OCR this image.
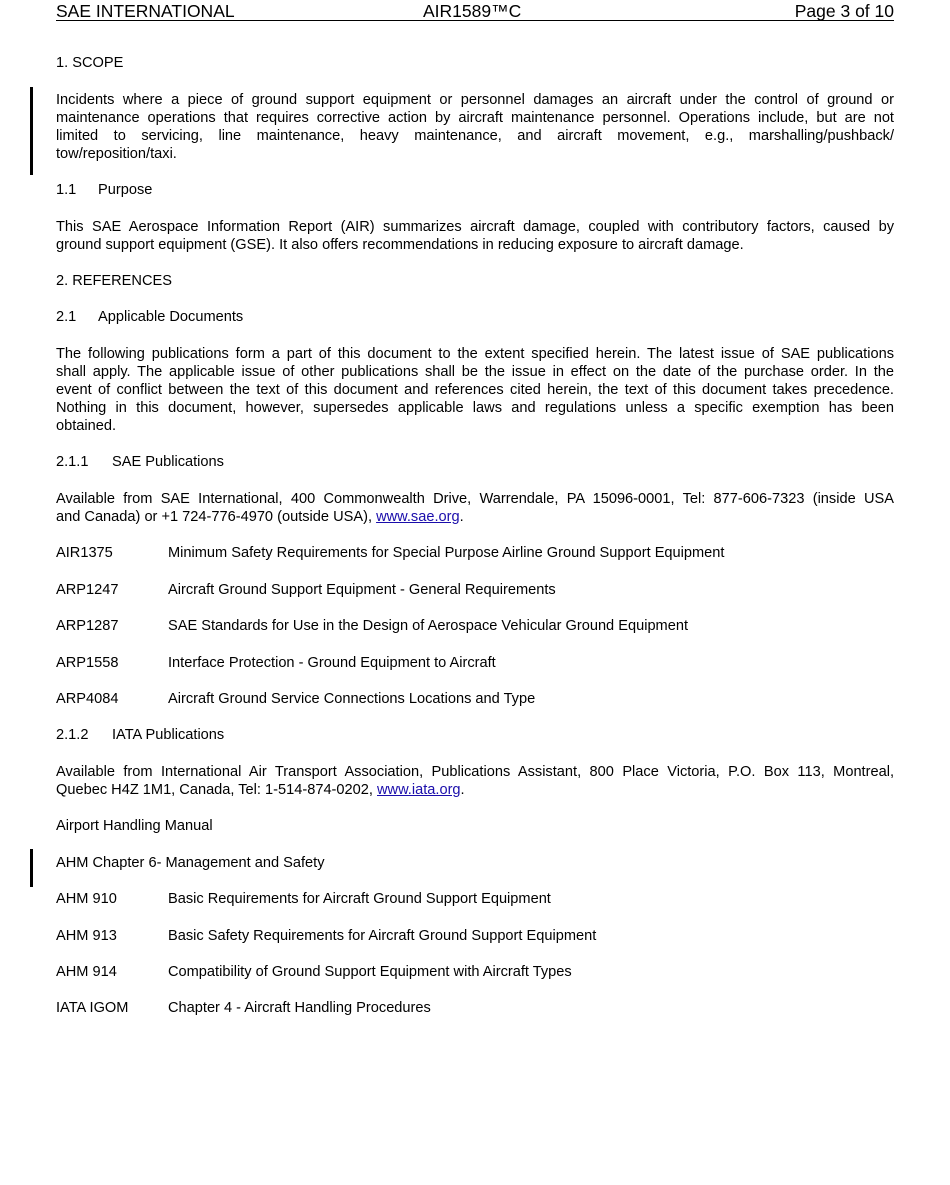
SAE INTERNATIONAL	AIR1589™C	Page 3 of 10
1. SCOPE
Incidents where a piece of ground support equipment or personnel damages an aircraft under the control of ground or
maintenance operations that requires corrective action by aircraft maintenance personnel. Operations include, but are not
limited to servicing, line maintenance, heavy maintenance, and aircraft movement, e.g., marshalling/pushback/
tow/reposition/taxi.
1.1 Purpose
This SAE Aerospace Information Report (AIR) summarizes aircraft damage, coupled with contributory factors, caused by
ground support equipment (GSE). It also offers recommendations in reducing exposure to aircraft damage.
2. REFERENCES
2.1 Applicable Documents
The following publications form a part of this document to the extent specified herein. The latest issue of SAE publications
shall apply. The applicable issue of other publications shall be the issue in effect on the date of the purchase order. In the
event of conflict between the text of this document and references cited herein, the text of this document takes precedence.
Nothing in this document, however, supersedes applicable laws and regulations unless a specific exemption has been
obtained.
2.1.1 SAE Publications
Available from SAE International, 400 Commonwealth Drive, Warrendale, PA 15096-0001, Tel: 877-606-7323 (inside USA
and Canada) or +1 724-776-4970 (outside USA), www.sae.org.
AIR1375	Minimum Safety Requirements for Special Purpose Airline Ground Support Equipment
ARP1247	Aircraft Ground Support Equipment - General Requirements
ARP1287	SAE Standards for Use in the Design of Aerospace Vehicular Ground Equipment
ARP1558	Interface Protection - Ground Equipment to Aircraft
ARP4084	Aircraft Ground Service Connections Locations and Type
2.1.2 IATA Publications
Available from International Air Transport Association, Publications Assistant, 800 Place Victoria, P.O. Box 113, Montreal,
Quebec H4Z 1M1, Canada, Tel: 1-514-874-0202, www.iata.org.
Airport Handling Manual
AHM Chapter 6- Management and Safety
AHM 910	Basic Requirements for Aircraft Ground Support Equipment
AHM 913	Basic Safety Requirements for Aircraft Ground Support Equipment
AHM 914	Compatibility of Ground Support Equipment with Aircraft Types
IATA IGOM	Chapter 4 - Aircraft Handling Procedures
